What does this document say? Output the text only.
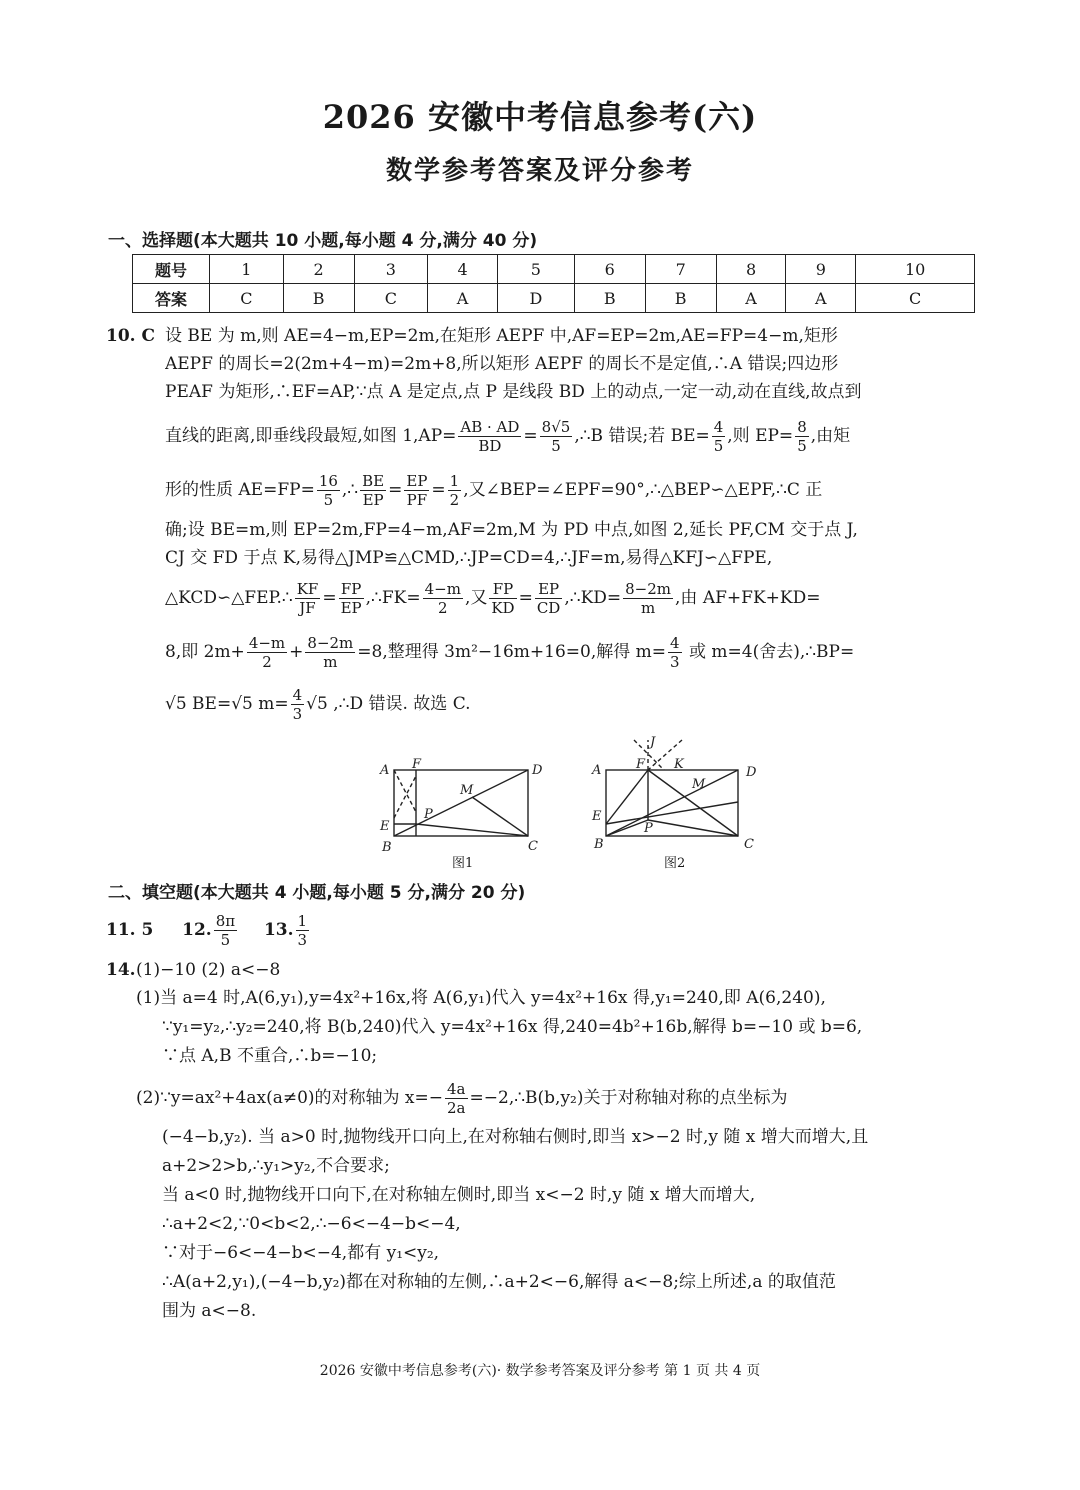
2026 安徽中考信息参考(六)
数学参考答案及评分参考
一、选择题(本大题共 10 小题,每小题 4 分,满分 40 分)
题号	1	2	3	4	5	6	7	8	9	10
答案	C	B	C	A	D	B	B	A	A	C
10. C 设 BE 为 m,则 AE=4−m,EP=2m,在矩形 AEPF 中,AF=EP=2m,AE=FP=4−m,矩形
AEPF 的周长=2(2m+4−m)=2m+8,所以矩形 AEPF 的周长不是定值,∴A 错误;四边形
PEAF 为矩形,∴EF=AP,∵点 A 是定点,点 P 是线段 BD 上的动点,一定一动,动在直线,故点到
直线的距离,即垂线段最短,如图 $1,AP= \frac{AB \cdot AD}{BD} = \frac{8√5}{5}$ ,∴B 错误;若 $BE= \frac{4}{5}$ ,则 $EP= \frac{8}{5}$ ,由矩
形的性质 $AE=FP= \frac{16}{5}$ ,∴ $\frac{BE}{EP} = \frac{EP}{PF} = \frac{1}{2}$ ,又∠BEP=∠EPF=90°,∴△BEP∽△EPF,∴C 正
确;设 BE=m,则 EP=2m,FP=4−m,AF=2m,M 为 PD 中点,如图 2,延长 PF,CM 交于点 J,
CJ 交 FD 于点 K,易得△JMP≌△CMD,∴JP=CD=4,∴JF=m,易得△KFJ∽△FPE,
△KCD∽△FEP.∴ $\frac{KF}{JF} = \frac{FP}{EP}$ ,∴FK= $\frac{4-m}{2}$ ,又 $\frac{FP}{KD} = \frac{EP}{CD}$ ,∴KD= $\frac{8-2m}{m}$ ,由 AF+FK+KD=
8,即 $2m+ \frac{4-m}{2} + \frac{8-2m}{m} =8$,整理得 3m²−16m+16=0,解得 $m= \frac{4}{3}$ 或 m=4(舍去),∴BP=
√5 BE=√5 $m= \frac{4}{3} √5$ ,∴D 错误. 故选 C.
A F	D
M
P
E
B	C
图1
J
A	F K
D
M
E
P
B	C
图2
二、填空题(本大题共 4 小题,每小题 5 分,满分 20 分)
11. 5 12. $\frac{8\pi}{5} 13$. $\frac{1}{3}$
14. (1)−10 (2) a<−8
(1)当 a=4 时,A(6,y₁),y=4x²+16x,将 A(6,y₁)代入 y=4x²+16x 得,y₁=240,即 A(6,240),
∵y₁=y₂,∴y₂=240,将 B(b,240)代入 y=4x²+16x 得,240=4b²+16b,解得 b=−10 或 b=6,
∵点 A,B 不重合,∴b=−10;
(2)∵y=ax²+4ax(a≠0)的对称轴为 $x=- \frac{4a}{2a}$ =−2,∴B(b,y₂)关于对称轴对称的点坐标为
(−4−b,y₂). 当 a>0 时,抛物线开口向上,在对称轴右侧时,即当 x>−2 时,y 随 x 增大而增大,且
a+2>2>b,∴y₁>y₂,不合要求;
当 a<0 时,抛物线开口向下,在对称轴左侧时,即当 x<−2 时,y 随 x 增大而增大,
∴a+2<2,∵0<b<2,∴−6<−4−b<−4,
∵对于−6<−4−b<−4,都有 y₁<y₂,
∴A(a+2,y₁),(−4−b,y₂)都在对称轴的左侧,∴a+2<−6,解得 a<−8;综上所述,a 的取值范
围为 a<−8.
2026 安徽中考信息参考(六)· 数学参考答案及评分参考 第 1 页 共 4 页
